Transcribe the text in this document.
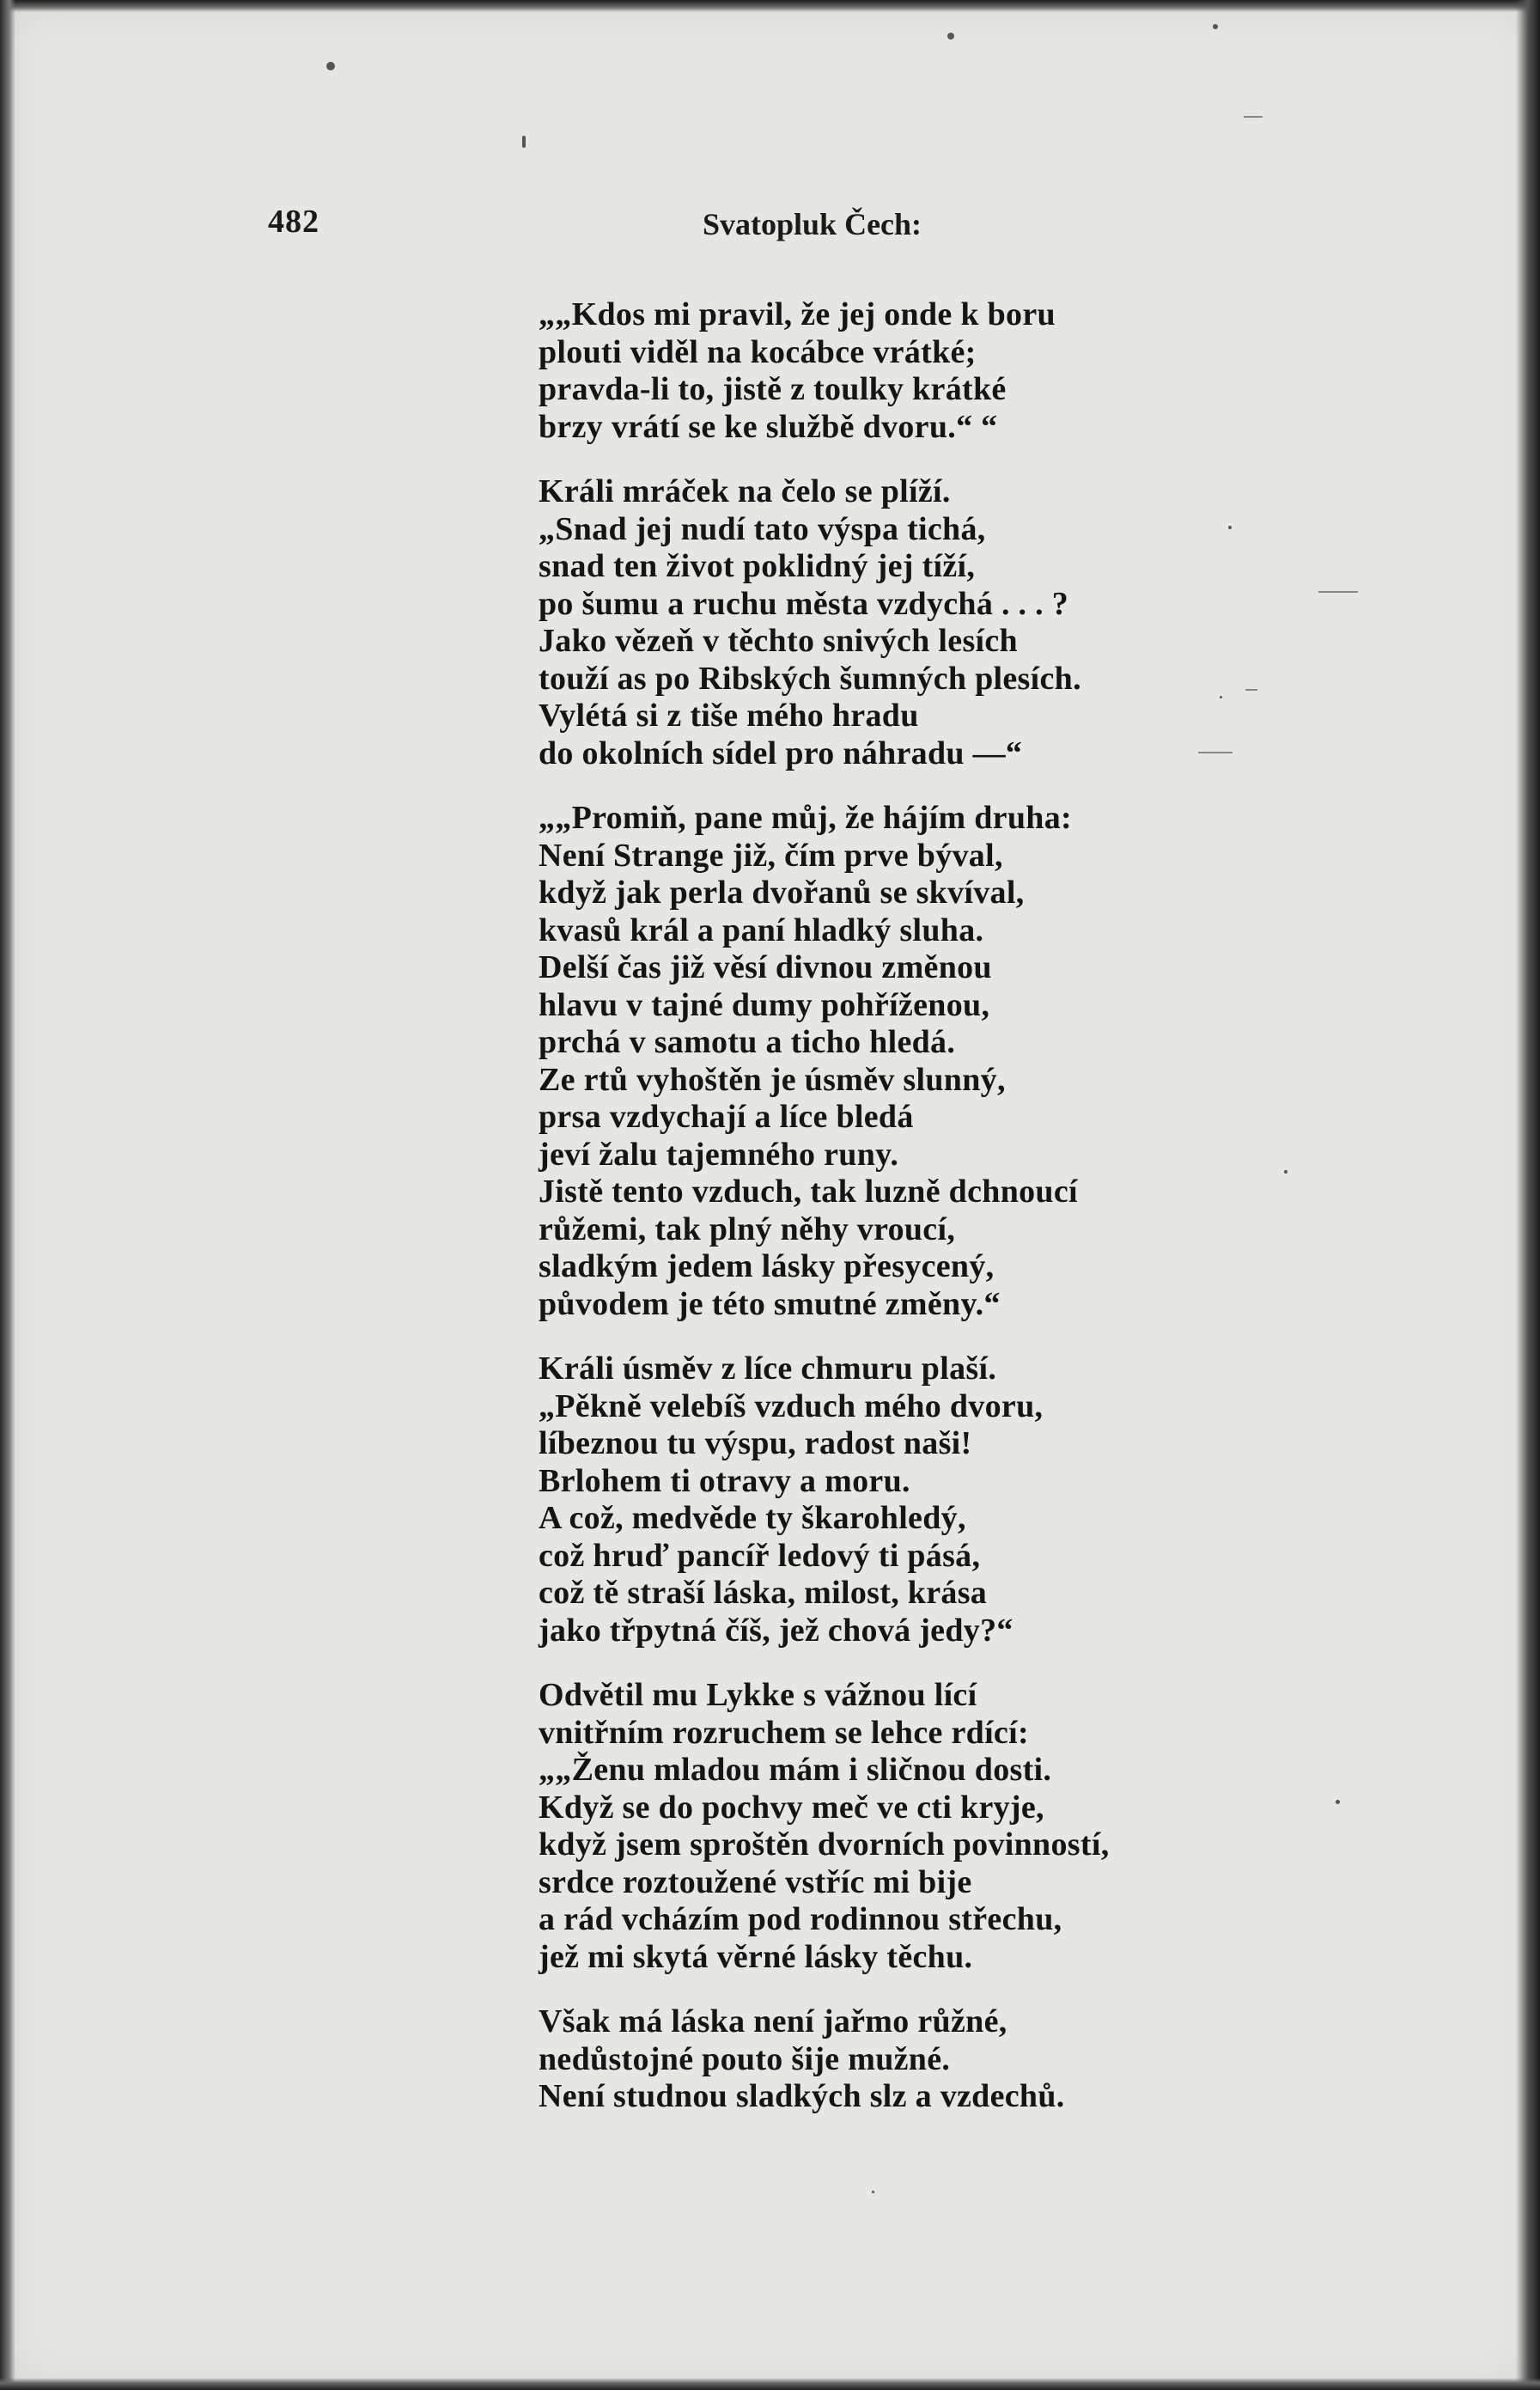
482	Svatopluk Čech:
„„Kdos mi pravil, že jej onde k boru
plouti viděl na kocábce vrátké;
pravda-li to, jistě z toulky krátké
brzy vrátí se ke službě dvoru.“ “
Králi mráček na čelo se plíží.
„Snad jej nudí tato výspa tichá,
snad ten život poklidný jej tíží,
po šumu a ruchu města vzdychá . . . ?
Jako vězeň v těchto snivých lesích
touží as po Ribských šumných plesích.
Vylétá si z tiše mého hradu
do okolních sídel pro náhradu —“
„„Promiň, pane můj, že hájím druha:
Není Strange již, čím prve býval,
když jak perla dvořanů se skvíval,
kvasů král a paní hladký sluha.
Delší čas již věsí divnou změnou
hlavu v tajné dumy pohříženou,
prchá v samotu a ticho hledá.
Ze rtů vyhoštěn je úsměv slunný,
prsa vzdychají a líce bledá
jeví žalu tajemného runy.
Jistě tento vzduch, tak luzně dchnoucí
růžemi, tak plný něhy vroucí,
sladkým jedem lásky přesycený,
původem je této smutné změny.“
Králi úsměv z líce chmuru plaší.
„Pěkně velebíš vzduch mého dvoru,
líbeznou tu výspu, radost naši!
Brlohem ti otravy a moru.
A což, medvěde ty škarohledý,
což hruď pancíř ledový ti pásá,
což tě straší láska, milost, krása
jako třpytná číš, jež chová jedy?“
Odvětil mu Lykke s vážnou lící
vnitřním rozruchem se lehce rdící:
„„Ženu mladou mám i sličnou dosti.
Když se do pochvy meč ve cti kryje,
když jsem sproštěn dvorních povinností,
srdce roztoužené vstříc mi bije
a rád vcházím pod rodinnou střechu,
jež mi skytá věrné lásky těchu.
Však má láska není jařmo růžné,
nedůstojné pouto šije mužné.
Není studnou sladkých slz a vzdechů.
